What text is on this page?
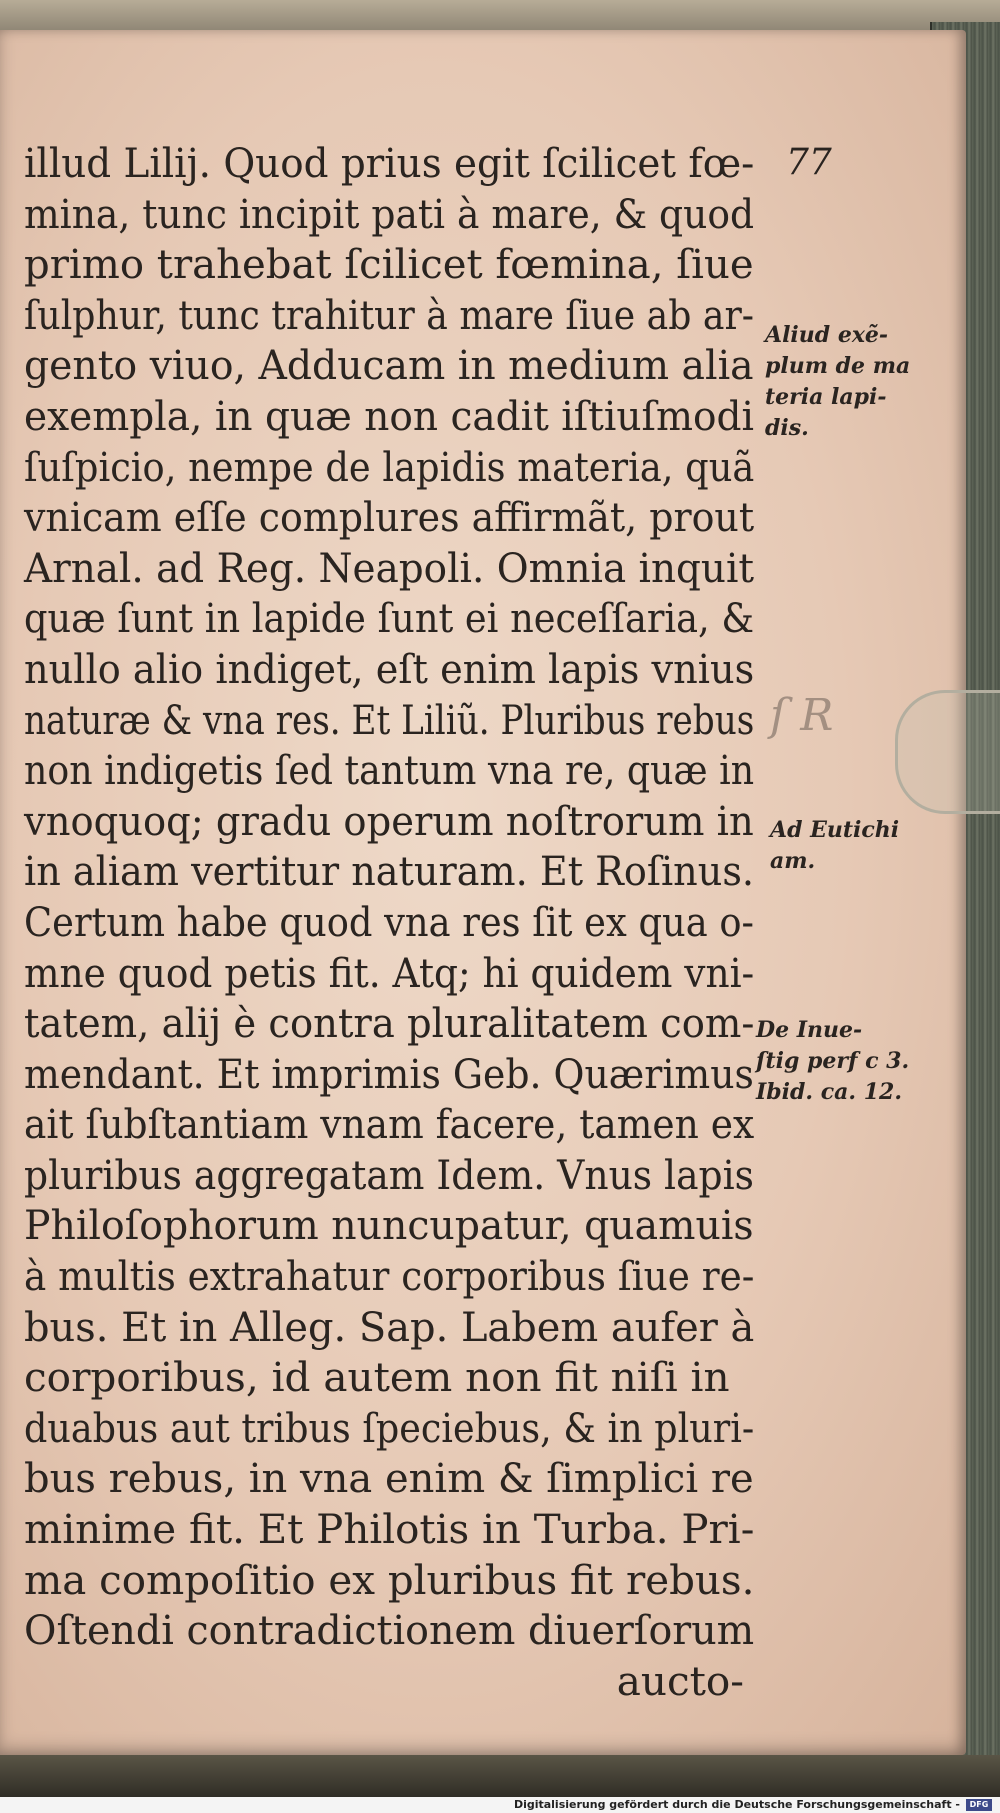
illud Lilij. Quod prius egit ſcilicet fœ-
mina, tunc incipit pati à mare, & quod
primo trahebat ſcilicet fœmina, ſiue
ſulphur, tunc trahitur à mare ſiue ab ar-
gento viuo, Adducam in medium alia
exempla, in quæ non cadit iſtiuſmodi
ſuſpicio, nempe de lapidis materia, quã
vnicam eſſe complures affirmãt, prout
Arnal. ad Reg. Neapoli. Omnia inquit
quæ ſunt in lapide ſunt ei neceſſaria, &
nullo alio indiget, eſt enim lapis vnius
naturæ & vna res. Et Liliũ. Pluribus rebus
non indigetis ſed tantum vna re, quæ in
vnoquoq; gradu operum noſtrorum in
in aliam vertitur naturam. Et Roſinus.
Certum habe quod vna res ſit ex qua o-
mne quod petis fit. Atq; hi quidem vni-
tatem, alij è contra pluralitatem com-
mendant. Et imprimis Geb. Quærimus
ait ſubſtantiam vnam facere, tamen ex
pluribus aggregatam Idem. Vnus lapis
Philoſophorum nuncupatur, quamuis
à multis extrahatur corporibus ſiue re-
bus. Et in Alleg. Sap. Labem aufer à
corporibus, id autem non fit niſi in
duabus aut tribus ſpeciebus, & in pluri-
bus rebus, in vna enim & ſimplici re
minime fit. Et Philotis in Turba. Pri-
ma compoſitio ex pluribus fit rebus.
Oſtendi contradictionem diuerſorum
aucto-
77
Aliud exẽ-
plum de ma
teria lapi-
dis.
Ad Eutichi
am.
De Inue-
ſtig perf c 3.
Ibid. ca. 12.
ſ R
Digitalisierung gefördert durch die Deutsche Forschungsgemeinschaft -	DFG
